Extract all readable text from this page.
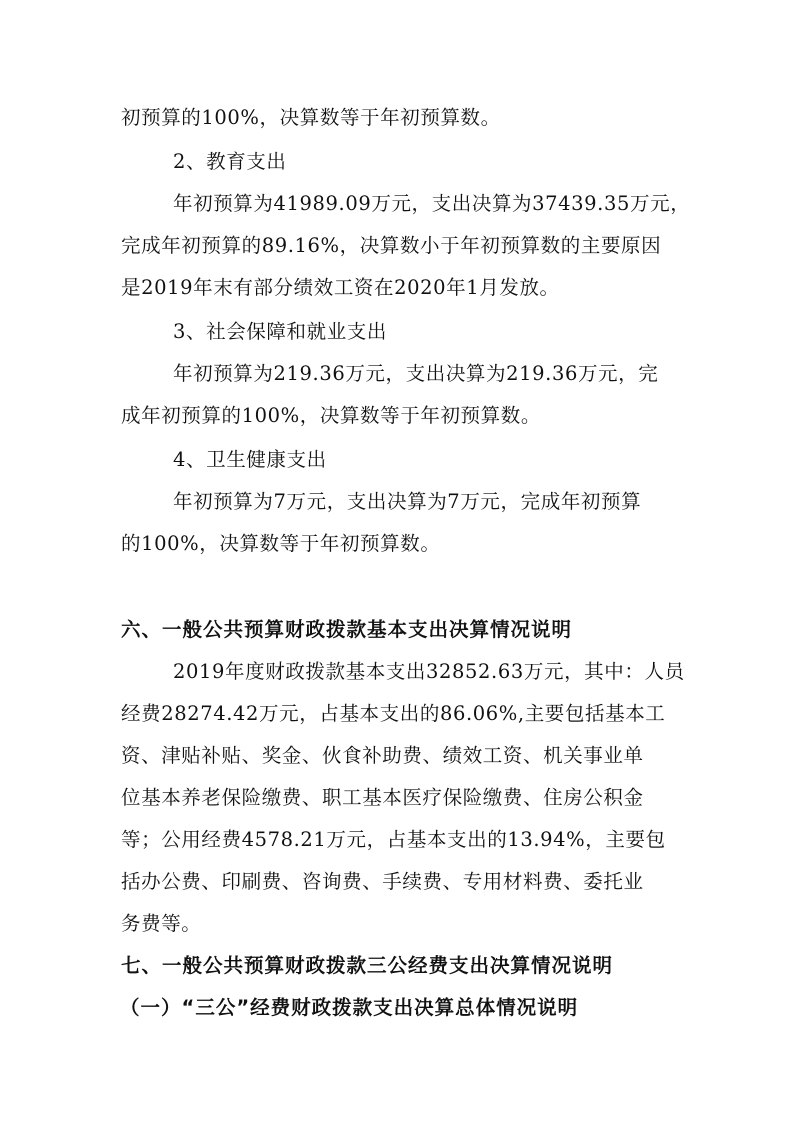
初预算的100%，决算数等于年初预算数。
2、教育支出
年初预算为41989.09万元，支出决算为37439.35万元，
完成年初预算的89.16%，决算数小于年初预算数的主要原因
是2019年末有部分绩效工资在2020年1月发放。
3、社会保障和就业支出
年初预算为219.36万元，支出决算为219.36万元，完
成年初预算的100%，决算数等于年初预算数。
4、卫生健康支出
年初预算为7万元，支出决算为7万元，完成年初预算
的100%，决算数等于年初预算数。
六、一般公共预算财政拨款基本支出决算情况说明
2019年度财政拨款基本支出32852.63万元，其中：人员
经费28274.42万元，占基本支出的86.06%,主要包括基本工
资、津贴补贴、奖金、伙食补助费、绩效工资、机关事业单
位基本养老保险缴费、职工基本医疗保险缴费、住房公积金
等；公用经费4578.21万元，占基本支出的13.94%，主要包
括办公费、印刷费、咨询费、手续费、专用材料费、委托业
务费等。
七、一般公共预算财政拨款三公经费支出决算情况说明
（一）“三公”经费财政拨款支出决算总体情况说明
